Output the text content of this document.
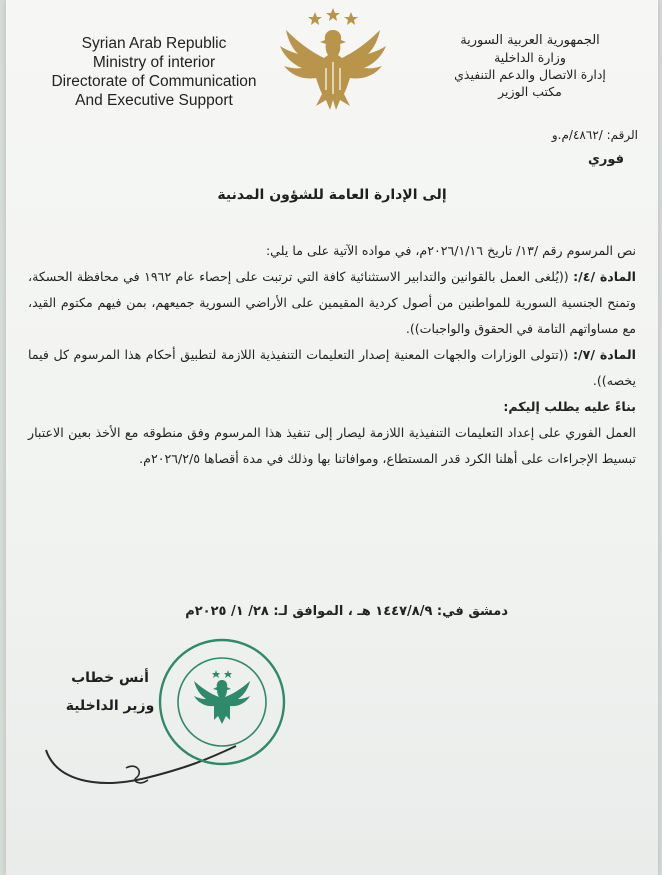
Syrian Arab Republic
Ministry of interior
Directorate of Communication
And Executive Support
الجمهورية العربية السورية
وزارة الداخلية
إدارة الاتصال والدعم التنفيذي
مكتب الوزير
الرقم: /٤٨٦٢/م.و
فوري
إلى الإدارة العامة للشؤون المدنية

نص المرسوم رقم /١٣/ تاريخ ٢٠٢٦/١/١٦م، في مواده الآتية على ما يلي:

المادة /٤/: ((يُلغى العمل بالقوانين والتدابير الاستثنائية كافة التي ترتبت على إحصاء عام ١٩٦٢ في محافظة الحسكة، وتمنح الجنسية السورية للمواطنين من أصول كردية المقيمين على الأراضي السورية جميعهم، بمن فيهم مكتوم القيد، مع مساواتهم التامة في الحقوق والواجبات)).

المادة /٧/: ((تتولى الوزارات والجهات المعنية إصدار التعليمات التنفيذية اللازمة لتطبيق أحكام هذا المرسوم كل فيما يخصه)).

بناءً عليه يطلب إليكم:

العمل الفوري على إعداد التعليمات التنفيذية اللازمة ليصار إلى تنفيذ هذا المرسوم وفق منطوقه مع الأخذ بعين الاعتبار تبسيط الإجراءات على أهلنا الكرد قدر المستطاع، وموافاتنا بها وذلك في مدة أقصاها ٢٠٢٦/٢/٥م.

دمشق في: ١٤٤٧/٨/٩ هـ ، الموافق لـ: ٢٨/ ١/ ٢٠٢٥م
أنس خطاب
وزير الداخلية
